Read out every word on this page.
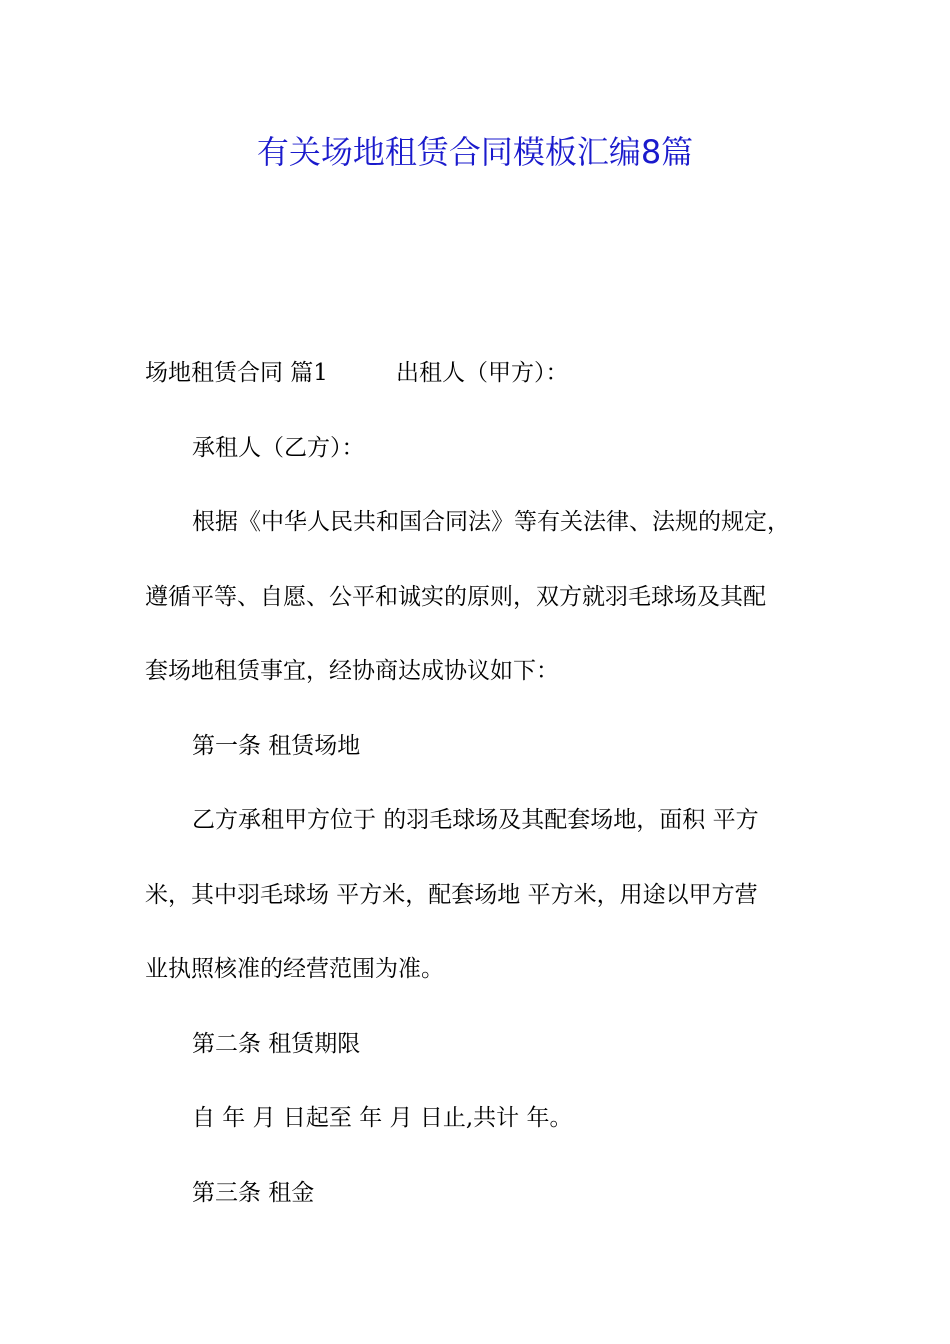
有关场地租赁合同模板汇编8篇

场地租赁合同 篇1	出租人（甲方）：

承租人（乙方）：

根据《中华人民共和国合同法》等有关法律、法规的规定，

遵循平等、自愿、公平和诚实的原则，双方就羽毛球场及其配

套场地租赁事宜，经协商达成协议如下：

第一条 租赁场地

乙方承租甲方位于 的羽毛球场及其配套场地，面积 平方

米，其中羽毛球场 平方米，配套场地 平方米，用途以甲方营

业执照核准的经营范围为准。

第二条 租赁期限

自 年 月 日起至 年 月 日止,共计 年。

第三条 租金
